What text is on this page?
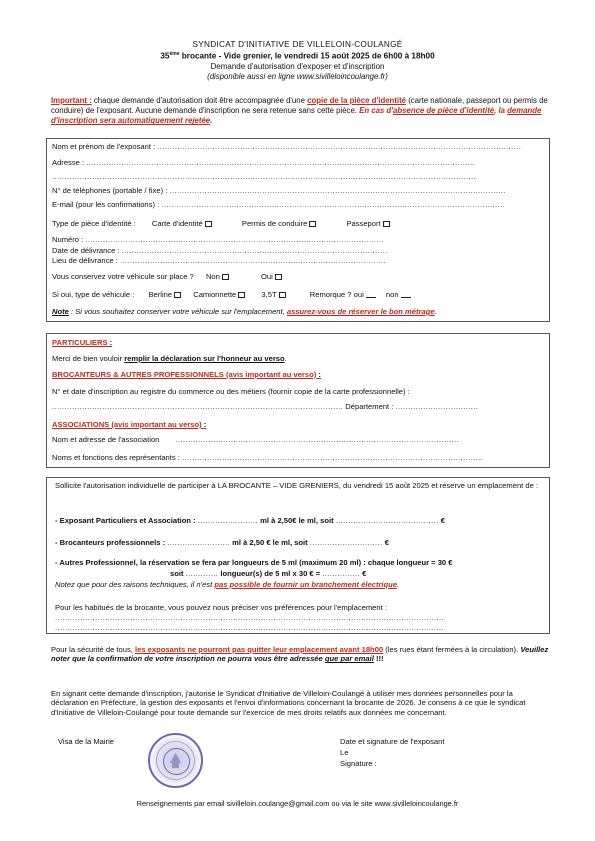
SYNDICAT D'INITIATIVE DE VILLELOIN-COULANGÉ
35ème brocante - Vide grenier, le vendredi 15 août 2025 de 6h00 à 18h00
Demande d'autorisation d'exposer et d'inscription
(disponible aussi en ligne www.sivilleloincoulange.fr)
Important : chaque demande d'autorisation doit être accompagnée d'une copie de la pièce d'identité (carte nationale, passeport ou permis de conduire) de l'exposant. Aucune demande d'inscription ne sera retenue sans cette pièce. En cas d'absence de pièce d'identité, la demande d'inscription sera automatiquement rejetée.
Nom et prénom de l'exposant : .................................................................................................................................................
Adresse : ...........................................................................................................................................................
.........................................................................................................................................................................
N° de téléphones (portable / fixe) : ......................................................................................................................................
E-mail (pour les confirmations) : .........................................................................................................................................
Type de pièce d'identité : Carte d'identité	Permis de conduire	Passeport
Numéro : .......................................................................................................................
Date de délivrance : ..........................................................................................................
Lieu de délivrance : ..........................................................................................................
Vous conservez votre véhicule sur place ? Non	Oui
Si oui, type de véhicule : Berline	Camionnette	3,5T	Remorque ? oui	non
Note : Si vous souhaitez conserver votre véhicule sur l'emplacement, assurez-vous de réserver le bon métrage.
PARTICULIERS :
Merci de bien vouloir remplir la déclaration sur l'honneur au verso.
BROCANTEURS & AUTRES PROFESSIONNELS (avis important au verso) :
N° et date d'inscription au registre du commerce ou des métiers (fournir copie de la carte professionnelle) :
.................................................................................................................... Département : .................................
ASSOCIATIONS (avis important au verso) :
Nom et adresse de l'association .................................................................................................................
Noms et fonctions des représentants : ........................................................................................................................
Sollicite l'autorisation individuelle de participer à LA BROCANTE – VIDE GRENIERS, du vendredi 15 août 2025 et réserve un emplacement de :
- Exposant Particuliers et Association : ........................ ml à 2,50€ le ml, soit ......................................... €
- Brocanteurs professionnels : ......................... ml à 2,50 € le ml, soit ............................. €
- Autres Professionnel, la réservation se fera par longueurs de 5 ml (maximum 20 ml) : chaque longueur = 30 €
soit ............. longueur(s) de 5 ml x 30 € = ............... €
Notez que pour des raisons techniques, il n'est pas possible de fournir un branchement électrique.
Pour les habitués de la brocante, vous pouvez nous préciser vos préférences pour l'emplacement :
...........................................................................................................................................................
...........................................................................................................................................................
Pour la sécurité de tous, les exposants ne pourront pas quitter leur emplacement avant 18h00 (les rues étant fermées à la circulation). Veuillez noter que la confirmation de votre inscription ne pourra vous être adressée que par email !!!
En signant cette demande d'inscription, j'autorise le Syndicat d'Initiative de Villeloin-Coulangé à utiliser mes données personnelles pour la déclaration en Préfecture, la gestion des exposants et l'envoi d'informations concernant la brocante de 2026. Je consens à ce que le syndicat d'Initiative de Villeloin-Coulangé pour toute demande sur l'exercice de mes droits relatifs aux données me concernant.
Visa de la Mairie	Date et signature de l'exposant
Le
Signature :
Renseignements par email sivilleloin.coulange@gmail.com ou via le site www.sivilleloincoulange.fr
